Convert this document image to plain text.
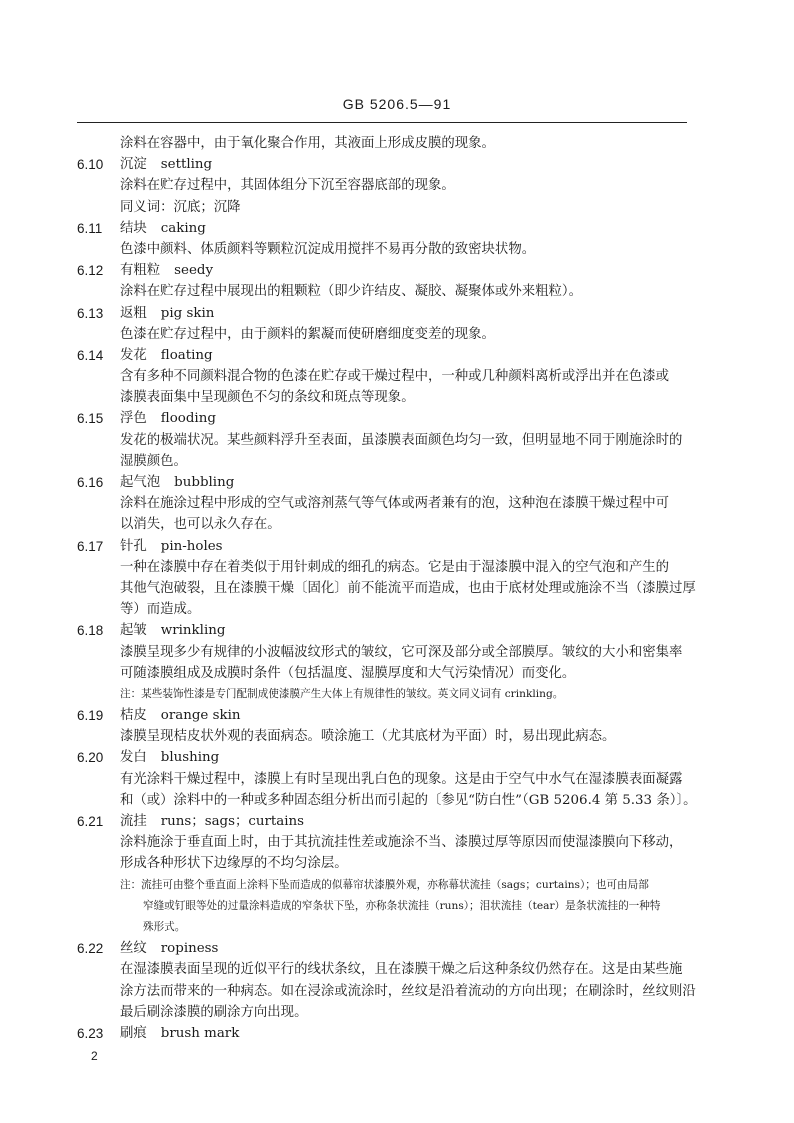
GB 5206.5—91
涂料在容器中，由于氧化聚合作用，其液面上形成皮膜的现象。
6.10 沉淀 settling
涂料在贮存过程中，其固体组分下沉至容器底部的现象。
同义词：沉底；沉降
6.11 结块 caking
色漆中颜料、体质颜料等颗粒沉淀成用搅拌不易再分散的致密块状物。
6.12 有粗粒 seedy
涂料在贮存过程中展现出的粗颗粒（即少许结皮、凝胶、凝聚体或外来粗粒）。
6.13 返粗 pig skin
色漆在贮存过程中，由于颜料的絮凝而使研磨细度变差的现象。
6.14 发花 floating
含有多种不同颜料混合物的色漆在贮存或干燥过程中，一种或几种颜料离析或浮出并在色漆或
漆膜表面集中呈现颜色不匀的条纹和斑点等现象。
6.15 浮色 flooding
发花的极端状况。某些颜料浮升至表面，虽漆膜表面颜色均匀一致，但明显地不同于刚施涂时的
湿膜颜色。
6.16 起气泡 bubbling
涂料在施涂过程中形成的空气或溶剂蒸气等气体或两者兼有的泡，这种泡在漆膜干燥过程中可
以消失，也可以永久存在。
6.17 针孔 pin-holes
一种在漆膜中存在着类似于用针刺成的细孔的病态。它是由于湿漆膜中混入的空气泡和产生的
其他气泡破裂，且在漆膜干燥〔固化〕前不能流平而造成，也由于底材处理或施涂不当（漆膜过厚
等）而造成。
6.18 起皱 wrinkling
漆膜呈现多少有规律的小波幅波纹形式的皱纹，它可深及部分或全部膜厚。皱纹的大小和密集率
可随漆膜组成及成膜时条件（包括温度、湿膜厚度和大气污染情况）而变化。
注：某些装饰性漆是专门配制成使漆膜产生大体上有规律性的皱纹。英文同义词有 crinkling。
6.19 桔皮 orange skin
漆膜呈现桔皮状外观的表面病态。喷涂施工（尤其底材为平面）时，易出现此病态。
6.20 发白 blushing
有光涂料干燥过程中，漆膜上有时呈现出乳白色的现象。这是由于空气中水气在湿漆膜表面凝露
和（或）涂料中的一种或多种固态组分析出而引起的〔参见“防白性”（GB 5206.4 第 5.33 条）〕。
6.21 流挂 runs；sags；curtains
涂料施涂于垂直面上时，由于其抗流挂性差或施涂不当、漆膜过厚等原因而使湿漆膜向下移动，
形成各种形状下边缘厚的不均匀涂层。
注：流挂可由整个垂直面上涂料下坠而造成的似幕帘状漆膜外观，亦称幕状流挂（sags；curtains）；也可由局部
窄缝或钉眼等处的过量涂料造成的窄条状下坠，亦称条状流挂（runs）；泪状流挂（tear）是条状流挂的一种特
殊形式。
6.22 丝纹 ropiness
在湿漆膜表面呈现的近似平行的线状条纹，且在漆膜干燥之后这种条纹仍然存在。这是由某些施
涂方法而带来的一种病态。如在浸涂或流涂时，丝纹是沿着流动的方向出现；在刷涂时，丝纹则沿
最后刷涂漆膜的刷涂方向出现。
6.23 刷痕 brush mark
2
